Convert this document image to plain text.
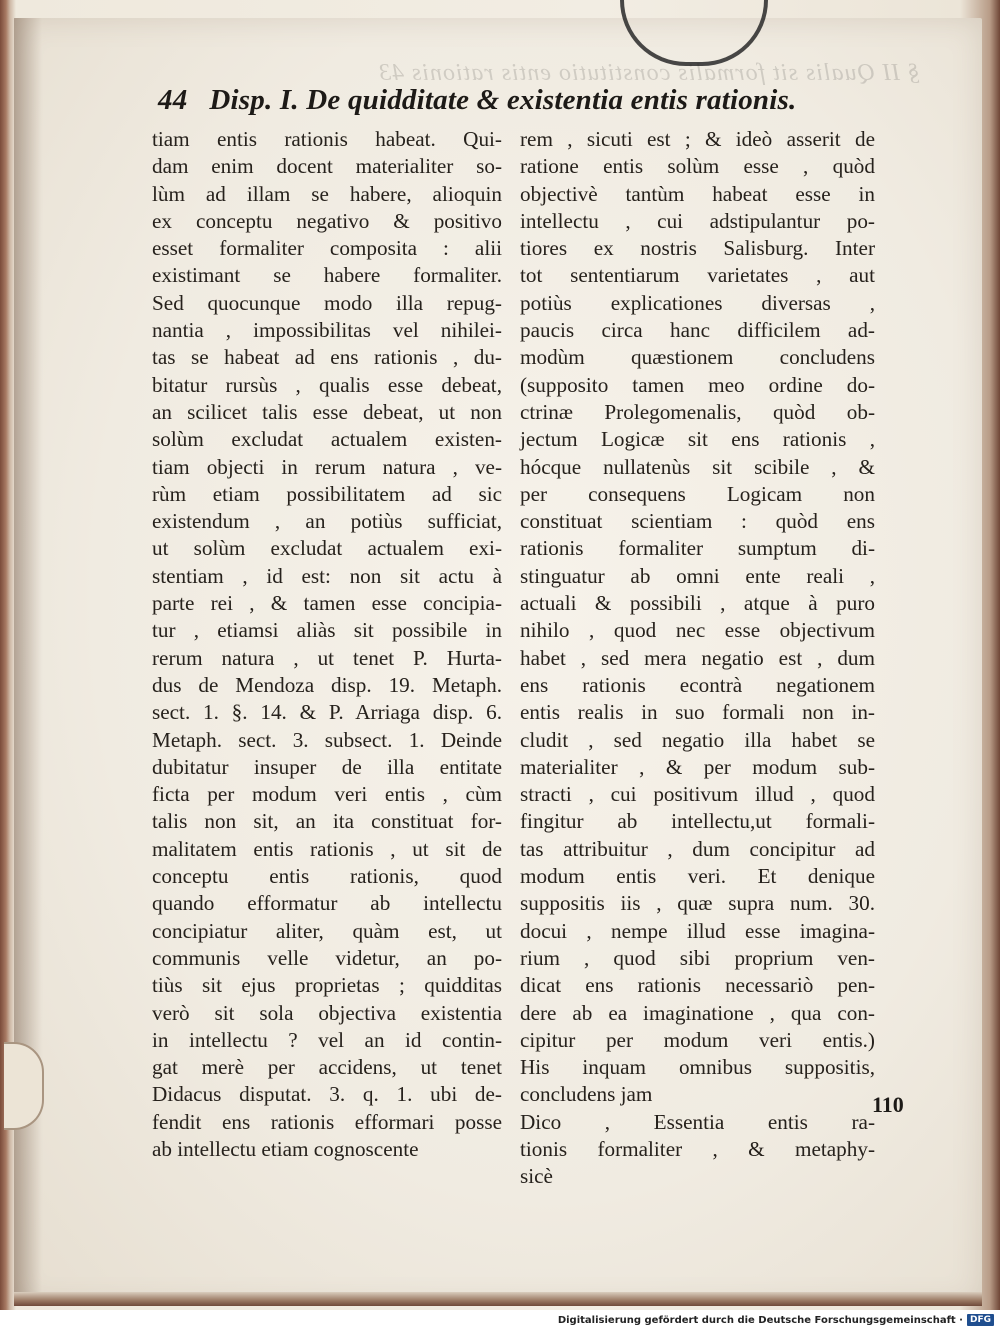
§ II Qualis sit formalis constitutio entis rationis 43
44 Disp. I. De quidditate & existentia entis rationis.
tiam entis rationis habeat. Qui-
dam enim docent materialiter so-
lùm ad illam se habere, alioquin
ex conceptu negativo & positivo
esset formaliter composita : alii
existimant se habere formaliter.
Sed quocunque modo illa repug-
nantia , impossibilitas vel nihilei-
tas se habeat ad ens rationis , du-
bitatur rursùs , qualis esse debeat,
an scilicet talis esse debeat, ut non
solùm excludat actualem existen-
tiam objecti in rerum natura , ve-
rùm etiam possibilitatem ad sic
existendum , an potiùs sufficiat,
ut solùm excludat actualem exi-
stentiam , id est: non sit actu à
parte rei , & tamen esse concipia-
tur , etiamsi aliàs sit possibile in
rerum natura , ut tenet P. Hurta-
dus de Mendoza disp. 19. Metaph.
sect. 1. §. 14. & P. Arriaga disp. 6.
Metaph. sect. 3. subsect. 1. Deinde
dubitatur insuper de illa entitate
ficta per modum veri entis , cùm
talis non sit, an ita constituat for-
malitatem entis rationis , ut sit de
conceptu entis rationis, quod
quando efformatur ab intellectu
concipiatur aliter, quàm est, ut
communis velle videtur, an po-
tiùs sit ejus proprietas ; quidditas
verò sit sola objectiva existentia
in intellectu ? vel an id contin-
gat merè per accidens, ut tenet
Didacus disputat. 3. q. 1. ubi de-
fendit ens rationis efformari posse
ab intellectu etiam cognoscente
rem , sicuti est ; & ideò asserit de
ratione entis solùm esse , quòd
objectivè tantùm habeat esse in
intellectu , cui adstipulantur po-
tiores ex nostris Salisburg. Inter
tot sententiarum varietates , aut
potiùs explicationes diversas ,
paucis circa hanc difficilem ad-
modùm quæstionem concludens
(supposito tamen meo ordine do-
ctrinæ Prolegomenalis, quòd ob-
jectum Logicæ sit ens rationis ,
hócque nullatenùs sit scibile , &
per consequens Logicam non
constituat scientiam : quòd ens
rationis formaliter sumptum di-
stinguatur ab omni ente reali ,
actuali & possibili , atque à puro
nihilo , quod nec esse objectivum
habet , sed mera negatio est , dum
ens rationis econtrà negationem
entis realis in suo formali non in-
cludit , sed negatio illa habet se
materialiter , & per modum sub-
stracti , cui positivum illud , quod
fingitur ab intellectu,ut formali-
tas attribuitur , dum concipitur ad
modum entis veri. Et denique
suppositis iis , quæ supra num. 30.
docui , nempe illud esse imagina-
rium , quod sibi proprium ven-
dicat ens rationis necessariò pen-
dere ab ea imaginatione , qua con-
cipitur per modum veri entis.)
His inquam omnibus suppositis,
concludens jam
Dico , Essentia entis ra-
tionis formaliter , & metaphy-
sicè
110
Digitalisierung gefördert durch die Deutsche Forschungsgemeinschaft · DFG
